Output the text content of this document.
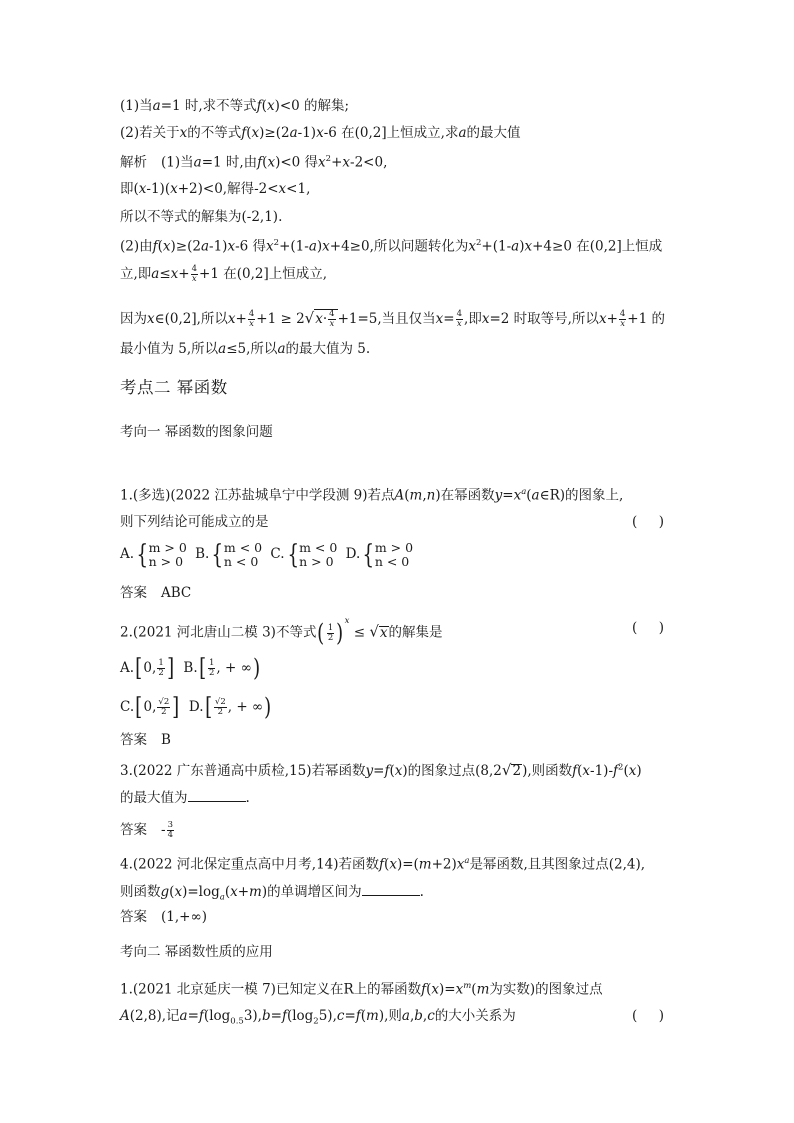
(1)当a=1 时,求不等式f(x)<0 的解集;
(2)若关于x的不等式f(x)≥(2a-1)x-6 在(0,2]上恒成立,求a的最大值
解析 (1)当a=1 时,由f(x)<0 得$x^2+x-2<0$,
即(x-1)(x+2)<0,解得-2<x<1,
所以不等式的解集为(-2,1).
(2)由f(x)≥(2a-1)x-6 得$x^2+(1-a)x+4\ge 0$,所以问题转化为$x^2+(1-a)x+4\ge 0$ 在(0,2]上恒成
立,即$a\le x+ \frac{4}{x} +1$ 在(0,2]上恒成立,
因为x∈(0,2],所以$x+ \frac{4}{x} +1 \ge 2√x\cdot \frac{4}{x} +1=5$,当且仅当$x= \frac{4}{x}$ ,即x=2 时取等号,所以$x+ \frac{4}{x} +1$ 的
最小值为 5,所以a≤5,所以a的最大值为 5.
考点二 幂函数
考向一 幂函数的图象问题
1.(多选)(2022 江苏盐城阜宁中学段测 9)若点A(m,n)在幂函数$y=x^a(a\in R)$的图象上,
则下列结论可能成立的是	(     )
A. { m > 0
n > 0
B. { m < 0
n < 0
C. { m < 0
n > 0
D. { m > 0
n < 0
答案 ABC
2.(2021 河北唐山二模 3)不等式( $\frac{1}{2} )^x \le √x$的解集是	(     )
A.[0, $\frac{1}{2}$ ] $B.[ \frac{1}{2}$ , + ∞)
C.[0, $\frac{√2}{2}$ ] $D.[ \frac{√2}{2}$ , + ∞)
答案 B
3.(2022 广东普通高中质检,15)若幂函数y=f(x)的图象过点(8,2√2),则函数$f(x-1)-f^2(x)$
的最大值为	.
答案 - $\frac{3}{4}$
4.(2022 河北保定重点高中月考,14)若函数$f(x)=(m+2)x^a$是幂函数,且其图象过点(2,4),
则函数$g(x)=\log_a(x+m)$的单调增区间为	.
答案 (1,+∞)
考向二 幂函数性质的应用
1.(2021 北京延庆一模 7)已知定义在R上的幂函数$f(x)=x^m(m$为实数)的图象过点
A(2,8),记$a=f(\log_{0.5}3),b=f(\log_25),c=f(m)$,则a,b,c的大小关系为	(     )
